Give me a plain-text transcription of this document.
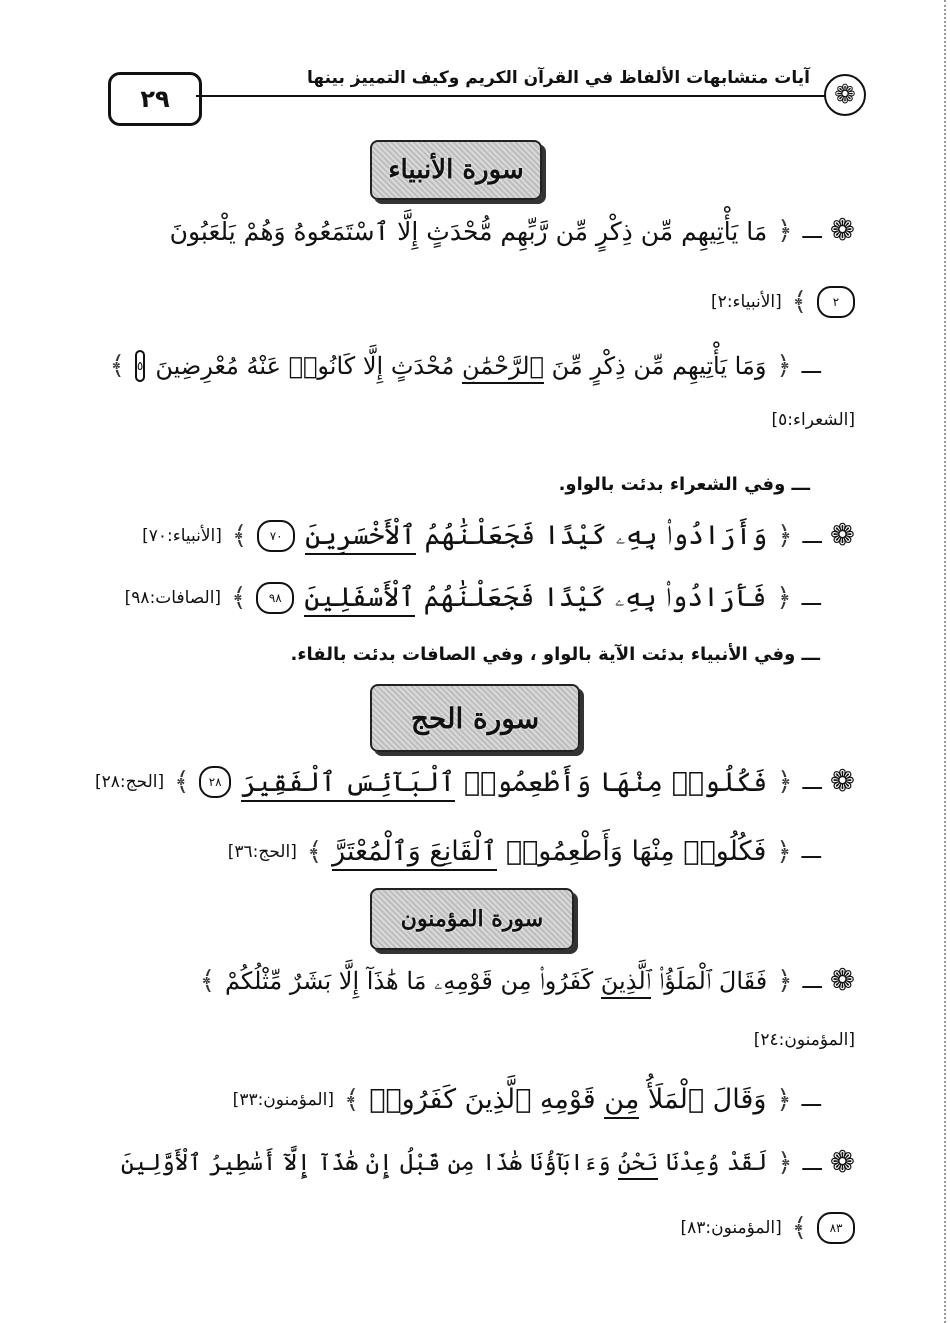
٢٩
آيات متشابهات الألفاظ في القرآن الكريم وكيف التمييز بينها
❁
سورة الأنبياء
❁
ـــ
﴿
مَا يَأْتِيهِم مِّن ذِكْرٍ مِّن رَّبِّهِم مُّحْدَثٍ إِلَّا ٱسْتَمَعُوهُ وَهُمْ يَلْعَبُونَ
٢
﴾
[الأنبياء:٢]
ـــ
﴿
وَمَا يَأْتِيهِم مِّن ذِكْرٍ مِّنَ ٱلرَّحْمَٰنِ مُحْدَثٍ إِلَّا كَانُوا۟ عَنْهُ مُعْرِضِينَ
٥
﴾
[الشعراء:٥]
ـــ وفي الشعراء بدئت بالواو.
❁
ـــ
﴿
وَأَرَادُوا۟ بِهِۦ كَيْدًا فَجَعَلْنَٰهُمُ ٱلْأَخْسَرِينَ
٧٠
﴾
[الأنبياء:٧٠]
ـــ
﴿
فَأَرَادُوا۟ بِهِۦ كَيْدًا فَجَعَلْنَٰهُمُ ٱلْأَسْفَلِينَ
٩٨
﴾
[الصافات:٩٨]
ـــ وفي الأنبياء بدئت الآية بالواو ، وفي الصافات بدئت بالفاء.
سورة الحج
❁
ـــ
﴿
فَكُلُوا۟ مِنْهَا وَأَطْعِمُوا۟ ٱلْبَآئِسَ ٱلْفَقِيرَ
٢٨
﴾
[الحج:٢٨]
ـــ
﴿
فَكُلُوا۟ مِنْهَا وَأَطْعِمُوا۟ ٱلْقَانِعَ وَٱلْمُعْتَرَّ
﴾
[الحج:٣٦]
سورة المؤمنون
❁
ـــ
﴿
فَقَالَ ٱلْمَلَؤُا۟ ٱلَّذِينَ كَفَرُوا۟ مِن قَوْمِهِۦ مَا هَٰذَآ إِلَّا بَشَرٌ مِّثْلُكُمْ
﴾
[المؤمنون:٢٤]
ـــ
﴿
وَقَالَ ٱلْمَلَأُ مِن قَوْمِهِ ٱلَّذِينَ كَفَرُوا۟
﴾
[المؤمنون:٣٣]
❁
ـــ
﴿
لَقَدْ وُعِدْنَا نَحْنُ وَءَابَآؤُنَا هَٰذَا مِن قَبْلُ إِنْ هَٰذَآ إِلَّآ أَسَٰطِيرُ ٱلْأَوَّلِينَ
٨٣
﴾
[المؤمنون:٨٣]
